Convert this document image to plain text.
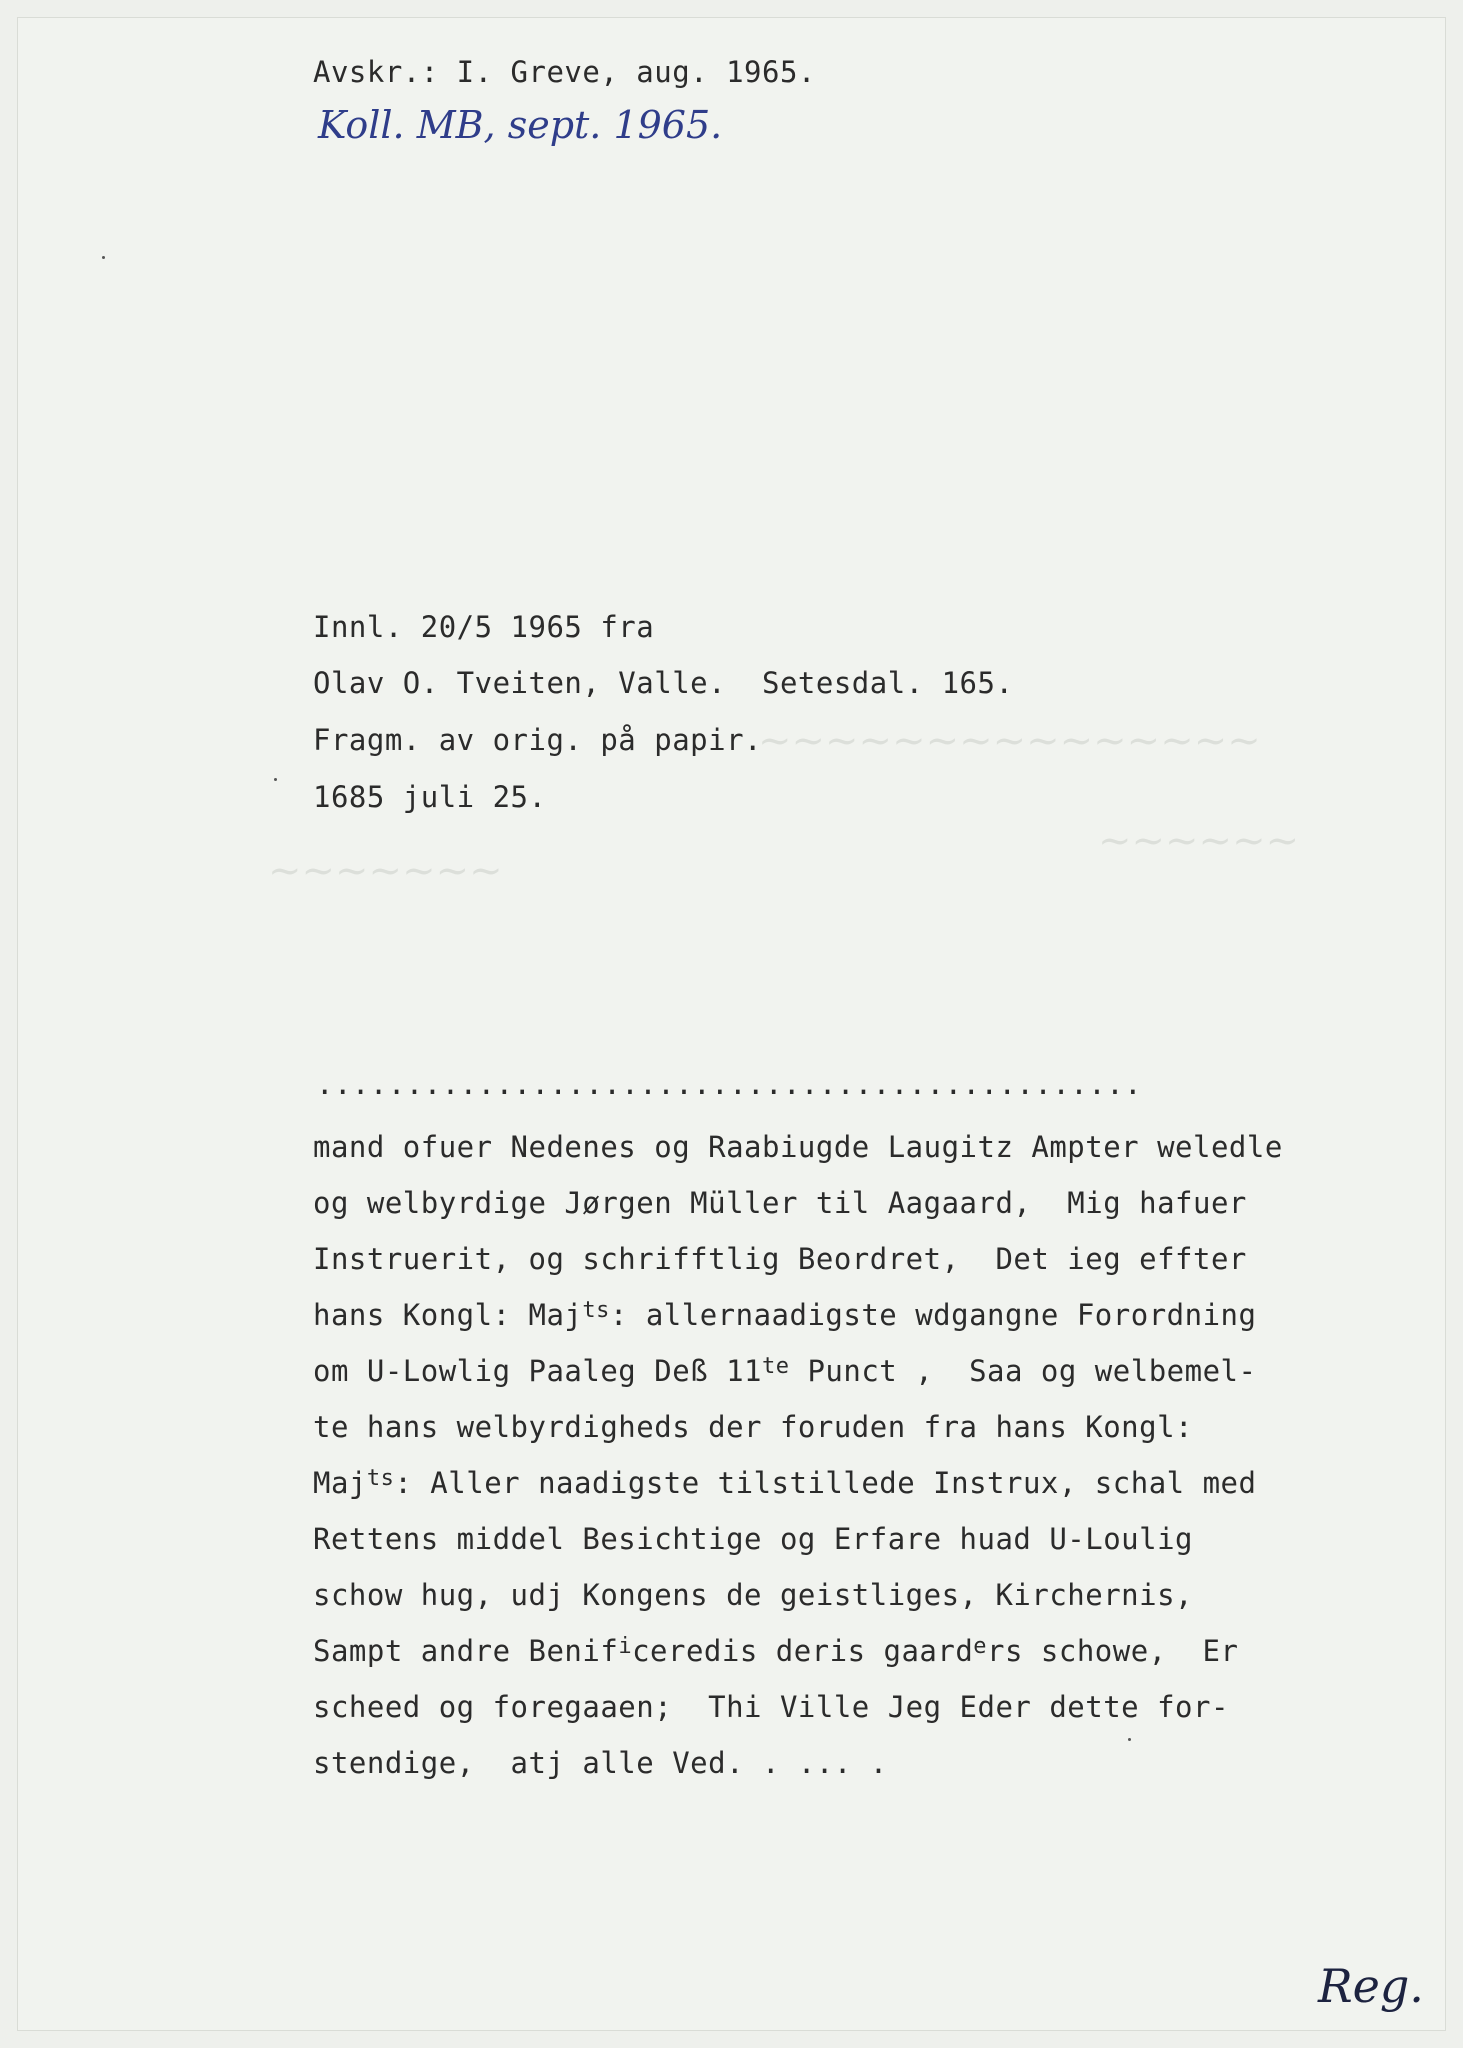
~~~~~~
~~~~~~~~~~~~~~~
~~~~~~~
Avskr.: I. Greve, aug. 1965.
Koll. MB, sept. 1965.
Innl. 20/5 1965 fra
Olav O. Tveiten, Valle.  Setesdal. 165.
Fragm. av orig. på papir.
1685 juli 25.
..............................................
mand ofuer Nedenes og Raabiugde Laugitz Ampter weledle
og welbyrdige Jørgen Müller til Aagaard,  Mig hafuer
Instruerit, og schrifftlig Beordret,  Det ieg effter
hans Kongl: Maj$^{ts}$: allernaadigste wdgangne Forordning
om U-Lowlig Paaleg Deß $11^{te}$ Punct ,  Saa og welbemel-
te hans welbyrdigheds der foruden fra hans Kongl:
Maj$^{ts}$: Aller naadigste tilstillede Instrux, schal med
Rettens middel Besichtige og Erfare huad U-Loulig
schow hug, udj Kongens de geistliges, Kirchernis,
Sampt andre Benif$^i$ceredis deris gaard$^e$rs schowe,  Er
scheed og foregaaen;  Thi Ville Jeg Eder dette for-
stendige,  atj alle Ved. . ... .
Reg.
